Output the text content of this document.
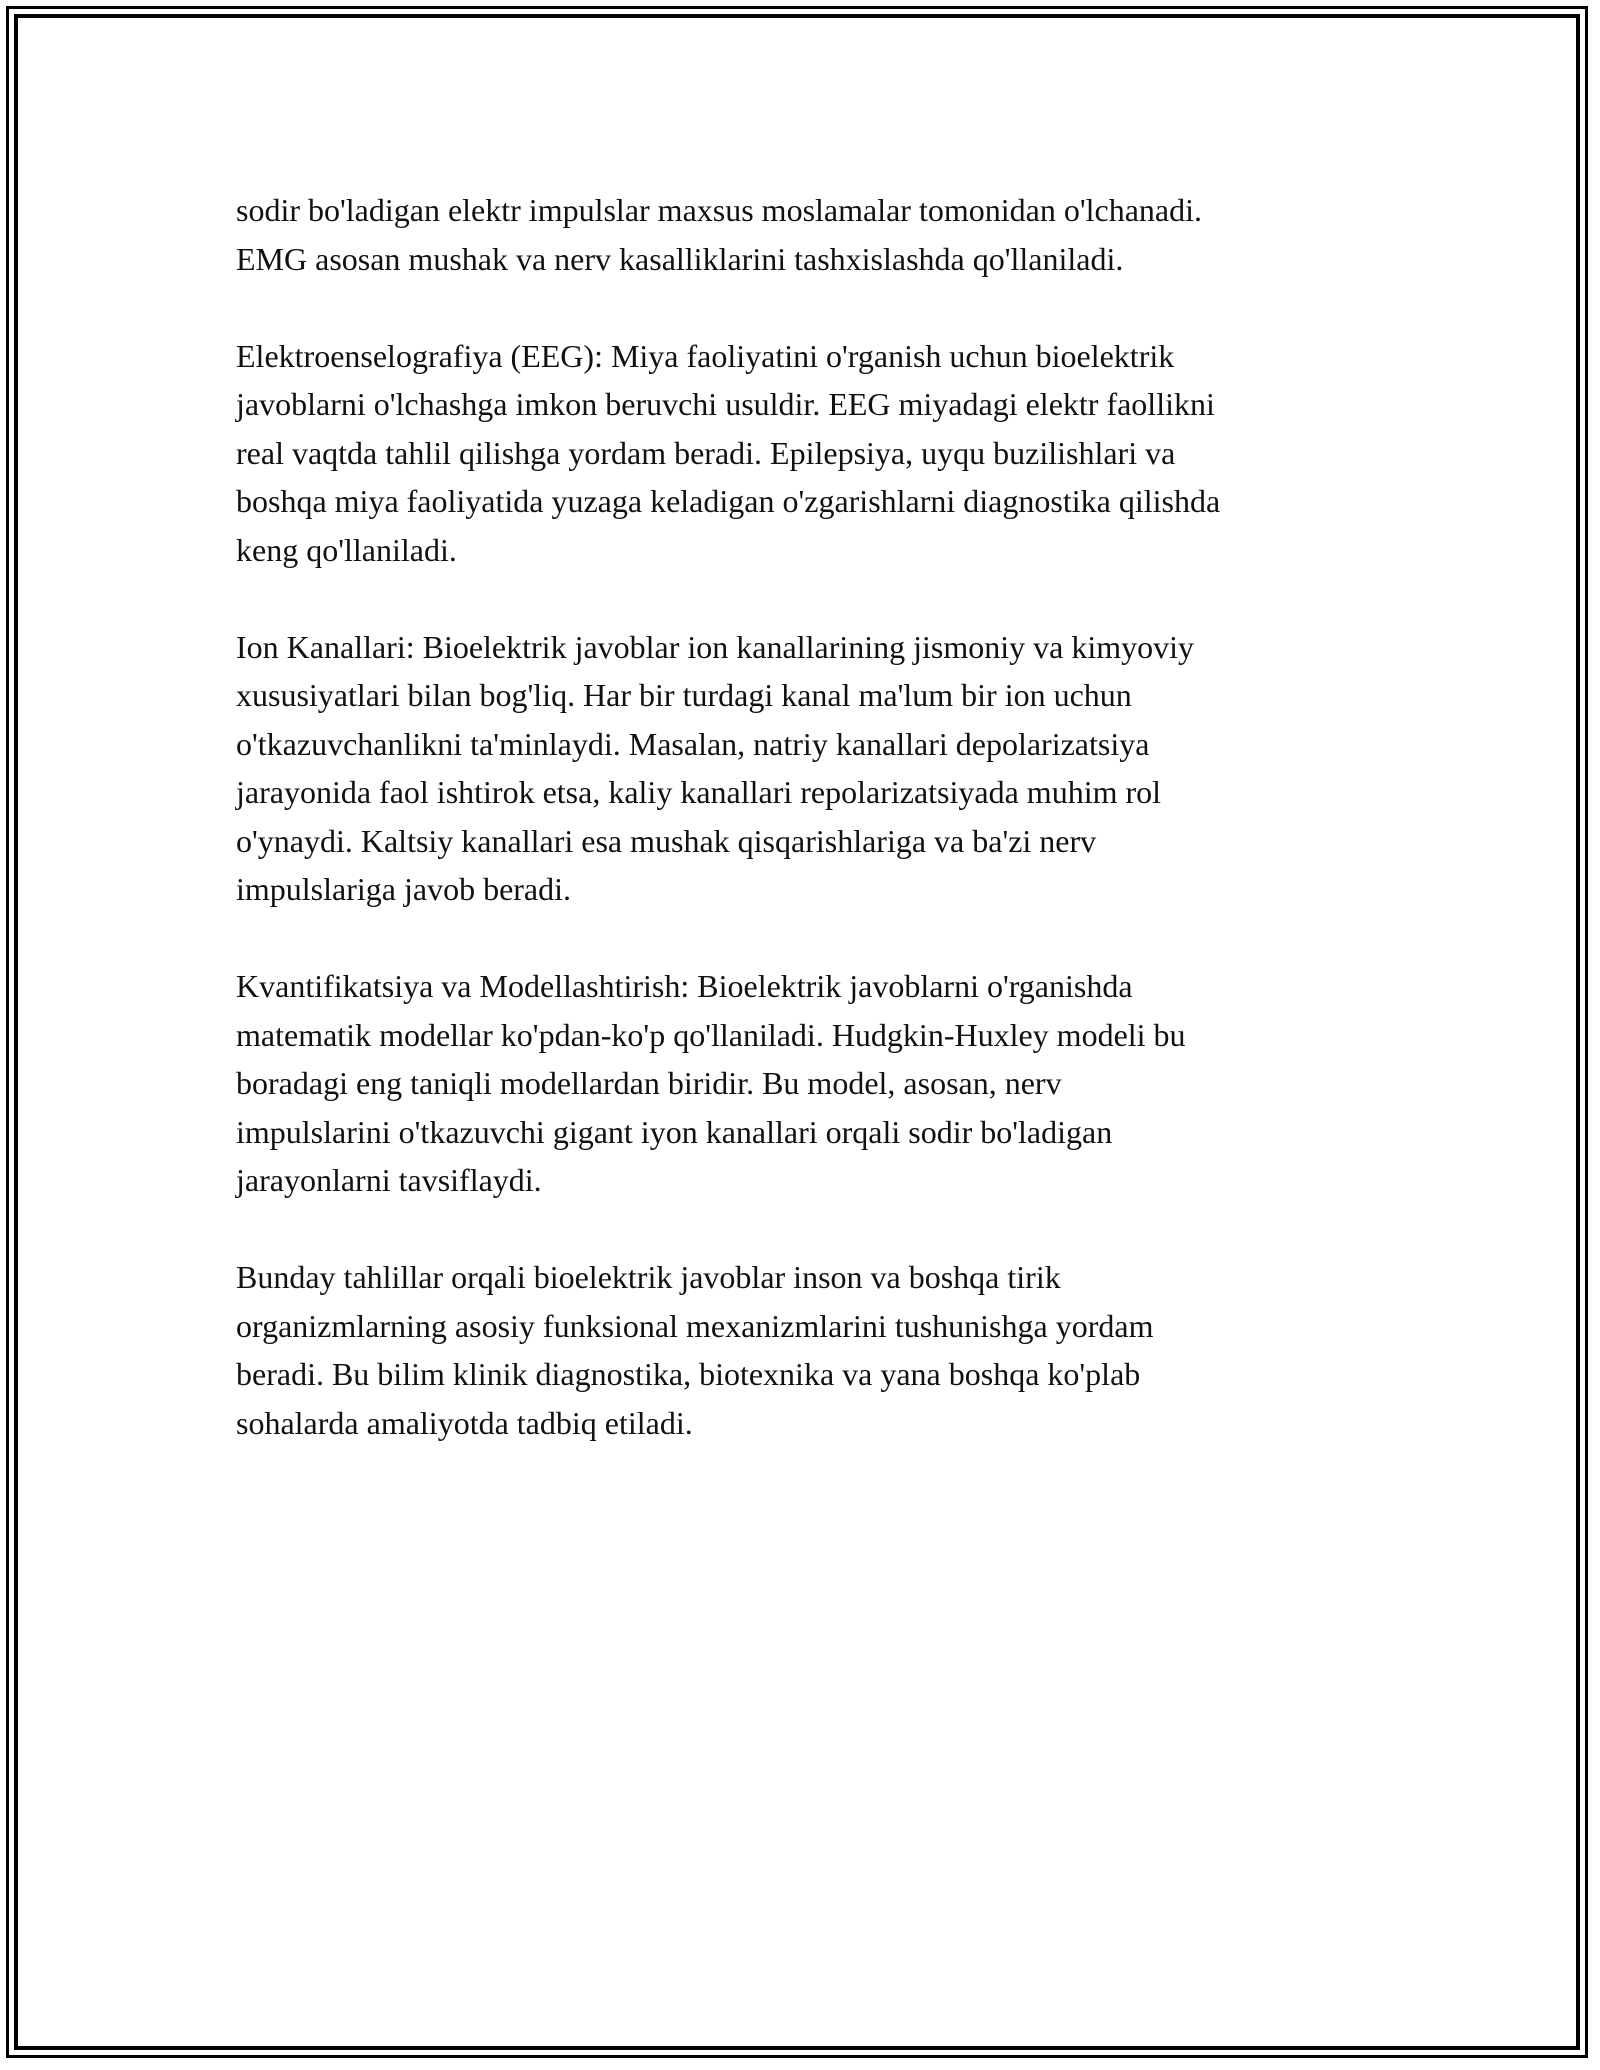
sodir bo'ladigan elektr impulslar maxsus moslamalar tomonidan o'lchanadi.
EMG asosan mushak va nerv kasalliklarini tashxislashda qo'llaniladi.

Elektroenselografiya (EEG): Miya faoliyatini o'rganish uchun bioelektrik
javoblarni o'lchashga imkon beruvchi usuldir. EEG miyadagi elektr faollikni
real vaqtda tahlil qilishga yordam beradi. Epilepsiya, uyqu buzilishlari va
boshqa miya faoliyatida yuzaga keladigan o'zgarishlarni diagnostika qilishda
keng qo'llaniladi.

Ion Kanallari: Bioelektrik javoblar ion kanallarining jismoniy va kimyoviy
xususiyatlari bilan bog'liq. Har bir turdagi kanal ma'lum bir ion uchun
o'tkazuvchanlikni ta'minlaydi. Masalan, natriy kanallari depolarizatsiya
jarayonida faol ishtirok etsa, kaliy kanallari repolarizatsiyada muhim rol
o'ynaydi. Kaltsiy kanallari esa mushak qisqarishlariga va ba'zi nerv
impulslariga javob beradi.

Kvantifikatsiya va Modellashtirish: Bioelektrik javoblarni o'rganishda
matematik modellar ko'pdan-ko'p qo'llaniladi. Hudgkin-Huxley modeli bu
boradagi eng taniqli modellardan biridir. Bu model, asosan, nerv
impulslarini o'tkazuvchi gigant iyon kanallari orqali sodir bo'ladigan
jarayonlarni tavsiflaydi.

Bunday tahlillar orqali bioelektrik javoblar inson va boshqa tirik
organizmlarning asosiy funksional mexanizmlarini tushunishga yordam
beradi. Bu bilim klinik diagnostika, biotexnika va yana boshqa ko'plab
sohalarda amaliyotda tadbiq etiladi.
